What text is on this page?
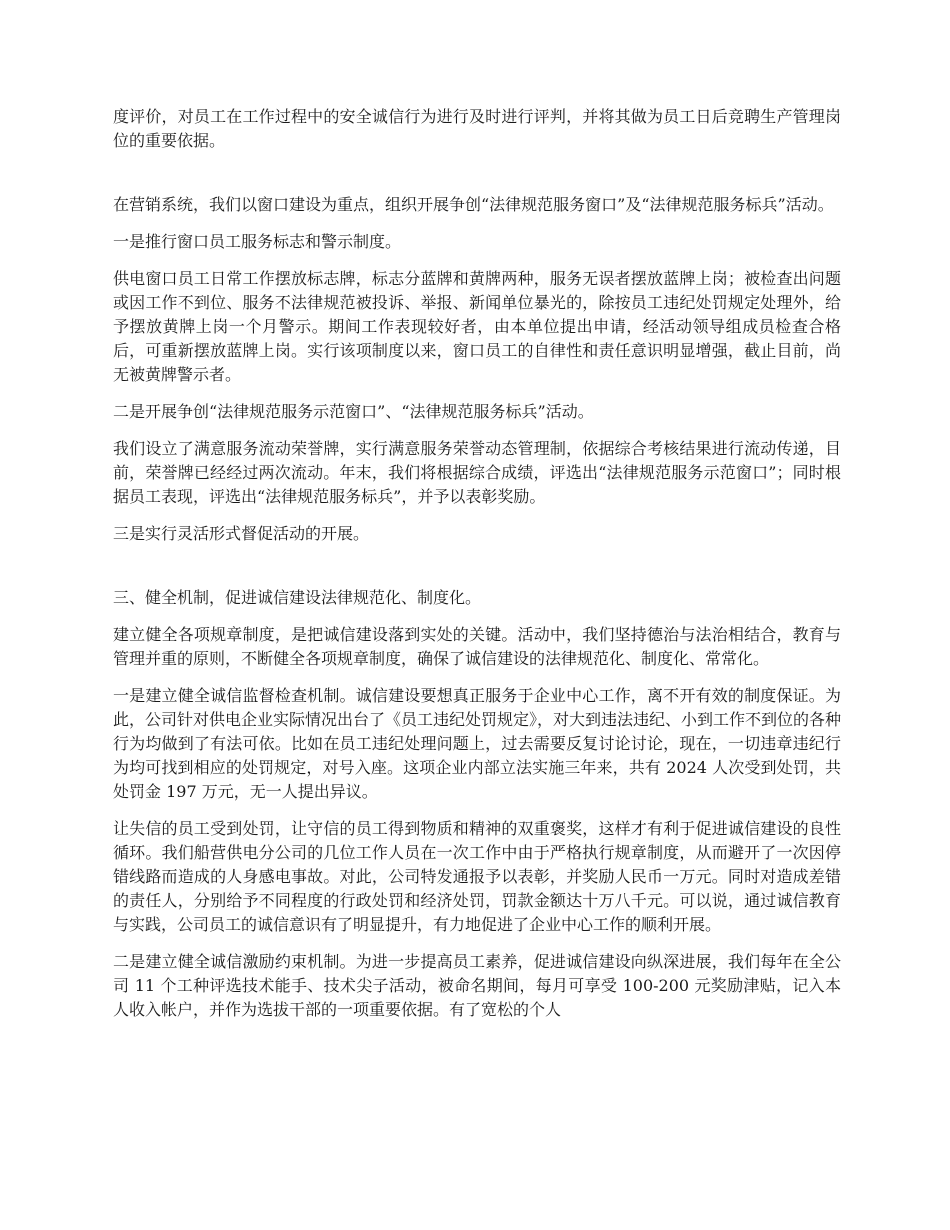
度评价，对员工在工作过程中的安全诚信行为进行及时进行评判，并将其做为员工日后竞聘生产管理岗位的重要依据。

在营销系统，我们以窗口建设为重点，组织开展争创“法律规范服务窗口”及“法律规范服务标兵”活动。

一是推行窗口员工服务标志和警示制度。

供电窗口员工日常工作摆放标志牌，标志分蓝牌和黄牌两种，服务无误者摆放蓝牌上岗；被检查出问题或因工作不到位、服务不法律规范被投诉、举报、新闻单位暴光的，除按员工违纪处罚规定处理外，给予摆放黄牌上岗一个月警示。期间工作表现较好者，由本单位提出申请，经活动领导组成员检查合格后，可重新摆放蓝牌上岗。实行该项制度以来，窗口员工的自律性和责任意识明显增强，截止目前，尚无被黄牌警示者。

二是开展争创“法律规范服务示范窗口”、“法律规范服务标兵”活动。

我们设立了满意服务流动荣誉牌，实行满意服务荣誉动态管理制，依据综合考核结果进行流动传递，目前，荣誉牌已经经过两次流动。年末，我们将根据综合成绩，评选出“法律规范服务示范窗口”；同时根据员工表现，评选出“法律规范服务标兵”，并予以表彰奖励。

三是实行灵活形式督促活动的开展。

三、健全机制，促进诚信建设法律规范化、制度化。

建立健全各项规章制度，是把诚信建设落到实处的关键。活动中，我们坚持德治与法治相结合，教育与管理并重的原则，不断健全各项规章制度，确保了诚信建设的法律规范化、制度化、常常化。

一是建立健全诚信监督检查机制。诚信建设要想真正服务于企业中心工作，离不开有效的制度保证。为此，公司针对供电企业实际情况出台了《员工违纪处罚规定》，对大到违法违纪、小到工作不到位的各种行为均做到了有法可依。比如在员工违纪处理问题上，过去需要反复讨论讨论，现在，一切违章违纪行为均可找到相应的处罚规定，对号入座。这项企业内部立法实施三年来，共有 2024 人次受到处罚，共处罚金 197 万元，无一人提出异议。

让失信的员工受到处罚，让守信的员工得到物质和精神的双重褒奖，这样才有利于促进诚信建设的良性循环。我们船营供电分公司的几位工作人员在一次工作中由于严格执行规章制度，从而避开了一次因停错线路而造成的人身感电事故。对此，公司特发通报予以表彰，并奖励人民币一万元。同时对造成差错的责任人，分别给予不同程度的行政处罚和经济处罚，罚款金额达十万八千元。可以说，通过诚信教育与实践，公司员工的诚信意识有了明显提升，有力地促进了企业中心工作的顺利开展。

二是建立健全诚信激励约束机制。为进一步提高员工素养，促进诚信建设向纵深进展，我们每年在全公司 11 个工种评选技术能手、技术尖子活动，被命名期间，每月可享受 100-200 元奖励津贴，记入本人收入帐户，并作为选拔干部的一项重要依据。有了宽松的个人
